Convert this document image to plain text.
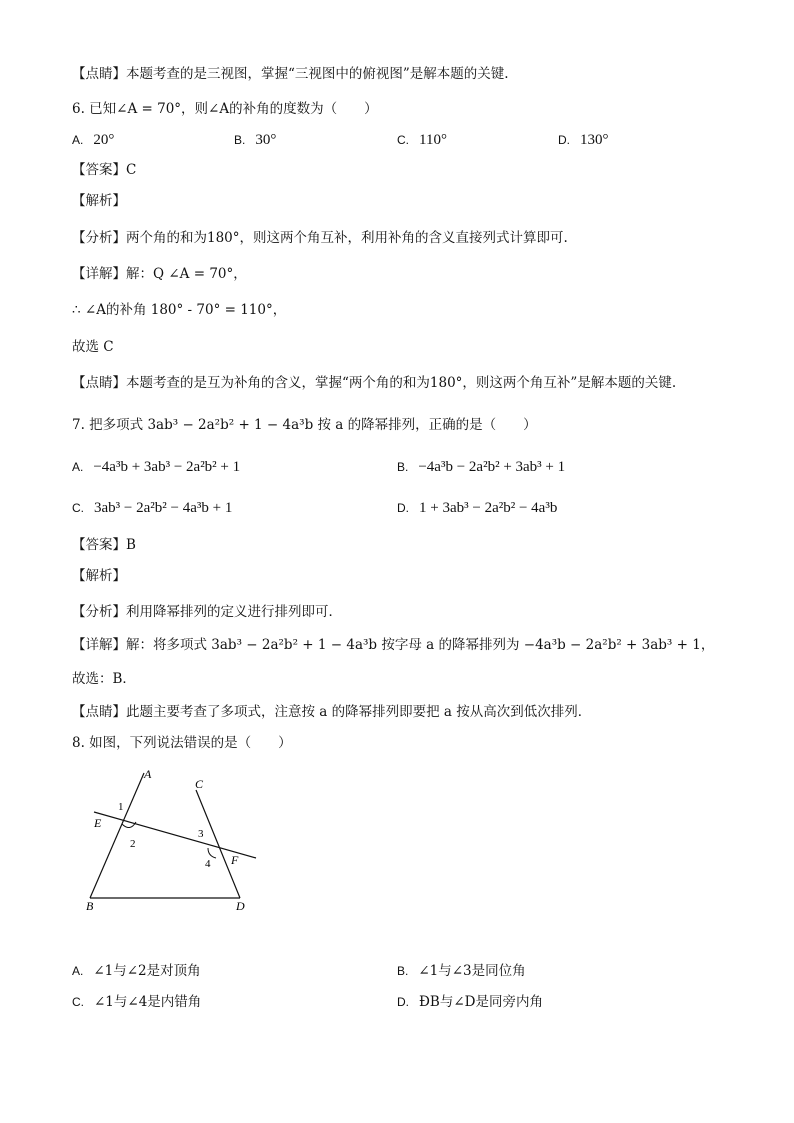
【点睛】本题考查的是三视图，掌握“三视图中的俯视图”是解本题的关键.
6. 已知∠A = 70°，则∠A的补角的度数为（　　）
A. 20°	B. 30°	C. 110°	D. 130°
【答案】C
【解析】
【分析】两个角的和为180°，则这两个角互补，利用补角的含义直接列式计算即可.
【详解】解：Q ∠A = 70°，
∴ ∠A的补角 180° - 70° = 110°，
故选 C
【点睛】本题考查的是互为补角的含义，掌握“两个角的和为180°，则这两个角互补”是解本题的关键.
7. 把多项式 3ab³ − 2a²b² + 1 − 4a³b 按 a 的降幂排列，正确的是（　　）
A. −4a³b + 3ab³ − 2a²b² + 1	B. −4a³b − 2a²b² + 3ab³ + 1
C. 3ab³ − 2a²b² − 4a³b + 1	D. 1 + 3ab³ − 2a²b² − 4a³b
【答案】B
【解析】
【分析】利用降幂排列的定义进行排列即可．
【详解】解：将多项式 3ab³ − 2a²b² + 1 − 4a³b 按字母 a 的降幂排列为 −4a³b − 2a²b² + 3ab³ + 1，
故选：B．
【点睛】此题主要考查了多项式，注意按 a 的降幂排列即要把 a 按从高次到低次排列．
8. 如图，下列说法错误的是（　　）
A
B
C
D
E
F
1
2
3
4
A. ∠1与∠2是对顶角	B. ∠1与∠3是同位角
C. ∠1与∠4是内错角	D. ÐB与∠D是同旁内角
